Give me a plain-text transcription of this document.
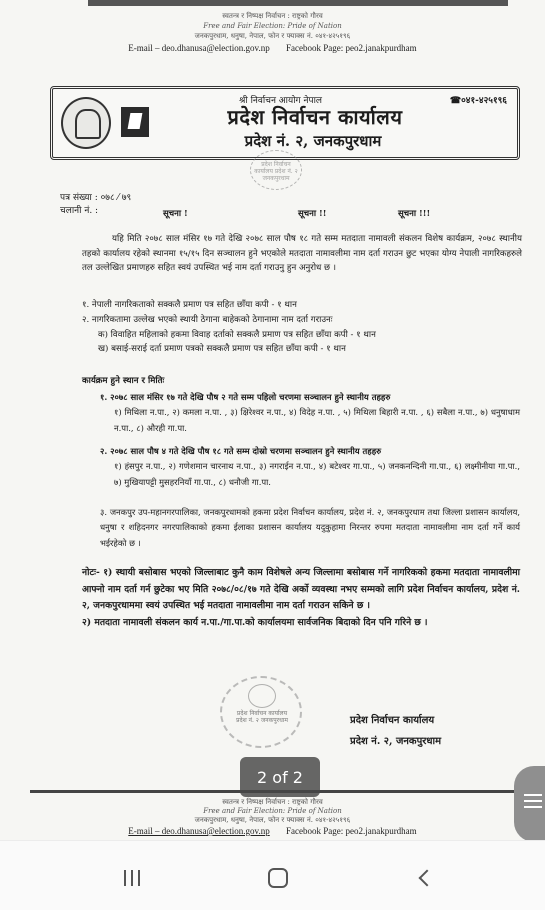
स्वतन्त्र र निष्पक्ष निर्वाचन : राष्ट्रको गौरव
Free and Fair Election: Pride of Nation
जनकपुरधाम, धनुषा, नेपाल, फोन र फ्याक्स नं. ०४१-४२५१९६
E-mail – deo.dhanusa@election.gov.np Facebook Page: peo2.janakpurdham
श्री निर्वाचन आयोग नेपाल	☎०४१-४२५१९६
प्रदेश निर्वाचन कार्यालय
प्रदेश नं. २, जनकपुरधाम
प्रदेश निर्वाचन कार्यालय प्रदेश नं. २ जनकपुरधाम
पत्र संख्या : ०७८ ⁄ ७९
चलानी नं. :	सूचना !	सूचना !!	सूचना !!!
यहि मिति २०७८ साल मंसिर १७ गते देखि २०७८ साल पौष १८ गते सम्म मतदाता नामावली संकलन विशेष कार्यक्रम, २०७८ स्थानीय तहको कार्यालय रहेको स्थानमा १५/१५ दिन सञ्चालन हुने भएकोले मतदाता नामावलीमा नाम दर्ता गराउन छुट भएका योग्य नेपाली नागरिकहरुले तल उल्लेखित प्रमाणहरु सहित स्वयं उपस्थित भई नाम दर्ता गराउनु हुन अनुरोध छ ।
१. नेपाली नागरिकताको सक्कलै प्रमाण पत्र सहित छाँया कपी - १ थान
२. नागरिकतामा उल्लेख भएको स्थायी ठेगाना बाहेकको ठेगानामा नाम दर्ता गराउनः
क) विवाहित महिलाको हकमा विवाह दर्ताको सक्कलै प्रमाण पत्र सहित छाँया कपी - १ थान
ख) बसाई-सराई दर्ता प्रमाण पत्रको सक्कलै प्रमाण पत्र सहित छाँया कपी - १ थान
कार्यक्रम हुने स्थान र मितिः
१. २०७८ साल मंसिर १७ गते देखि पौष २ गते सम्म पहिलो चरणमा सञ्चालन हुने स्थानीय तहहरु
१) मिथिला न.पा., २) कमला न.पा. , ३) क्षिरेश्वर न.पा., ४) विदेह न.पा. , ५) मिथिला बिहारी न.पा. , ६) सबैला न.पा., ७) धनुषाधाम न.पा., ८) औरही गा.पा.
२. २०७८ साल पौष ४ गते देखि पौष १८ गते सम्म दोस्रो चरणमा सञ्चालन हुने स्थानीय तहहरु
१) हंसपुर न.पा., २) गणेशमान चारनाथ न.पा., ३) नगराईन न.पा., ४) बटेश्वर गा.पा., ५) जनकनन्दिनी गा.पा., ६) लक्ष्मीनीया गा.पा., ७) मुखियापट्टी मुसहरनियाँ गा.पा., ८) धनौजी गा.पा.
३. जनकपुर उप-महानगरपालिका, जनकपुरधामको हकमा प्रदेश निर्वाचन कार्यालय, प्रदेश नं. २, जनकपुरधाम तथा जिल्ला प्रशासन कार्यालय, धनुषा र शहिदनगर नगरपालिकाको हकमा ईलाका प्रशासन कार्यालय यदुकुहामा निरन्तर रुपमा मतदाता नामावलीमा नाम दर्ता गर्ने कार्य भईरहेको छ ।
नोटः- १) स्थायी बसोबास भएको जिल्लाबाट कुनै काम विशेषले अन्य जिल्लामा बसोबास गर्ने नागरिकको हकमा मतदाता नामावलीमा आफ्नो नाम दर्ता गर्न छुटेका भए मिति २०७८/०८/१७ गते देखि अर्को व्यवस्था नभए सम्मको लागि प्रदेश निर्वाचन कार्यालय, प्रदेश नं. २, जनकपुरधाममा स्वयं उपस्थित भई मतदाता नामावलीमा नाम दर्ता गराउन सकिने छ ।
२) मतदाता नामावली संकलन कार्य न.पा./गा.पा.को कार्यालयमा सार्वजनिक बिदाको दिन पनि गरिने छ ।
प्रदेश निर्वाचन कार्यालय प्रदेश नं. २ जनकपुरधाम	प्रदेश निर्वाचन कार्यालय
प्रदेश नं. २, जनकपुरधाम
स्वतन्त्र र निष्पक्ष निर्वाचन : राष्ट्रको गौरव
Free and Fair Election: Pride of Nation
जनकपुरधाम, धनुषा, नेपाल, फोन र फ्याक्स नं. ०४१-४२५१९६
E-mail – deo.dhanusa@election.gov.np Facebook Page: peo2.janakpurdham
2 of 2
